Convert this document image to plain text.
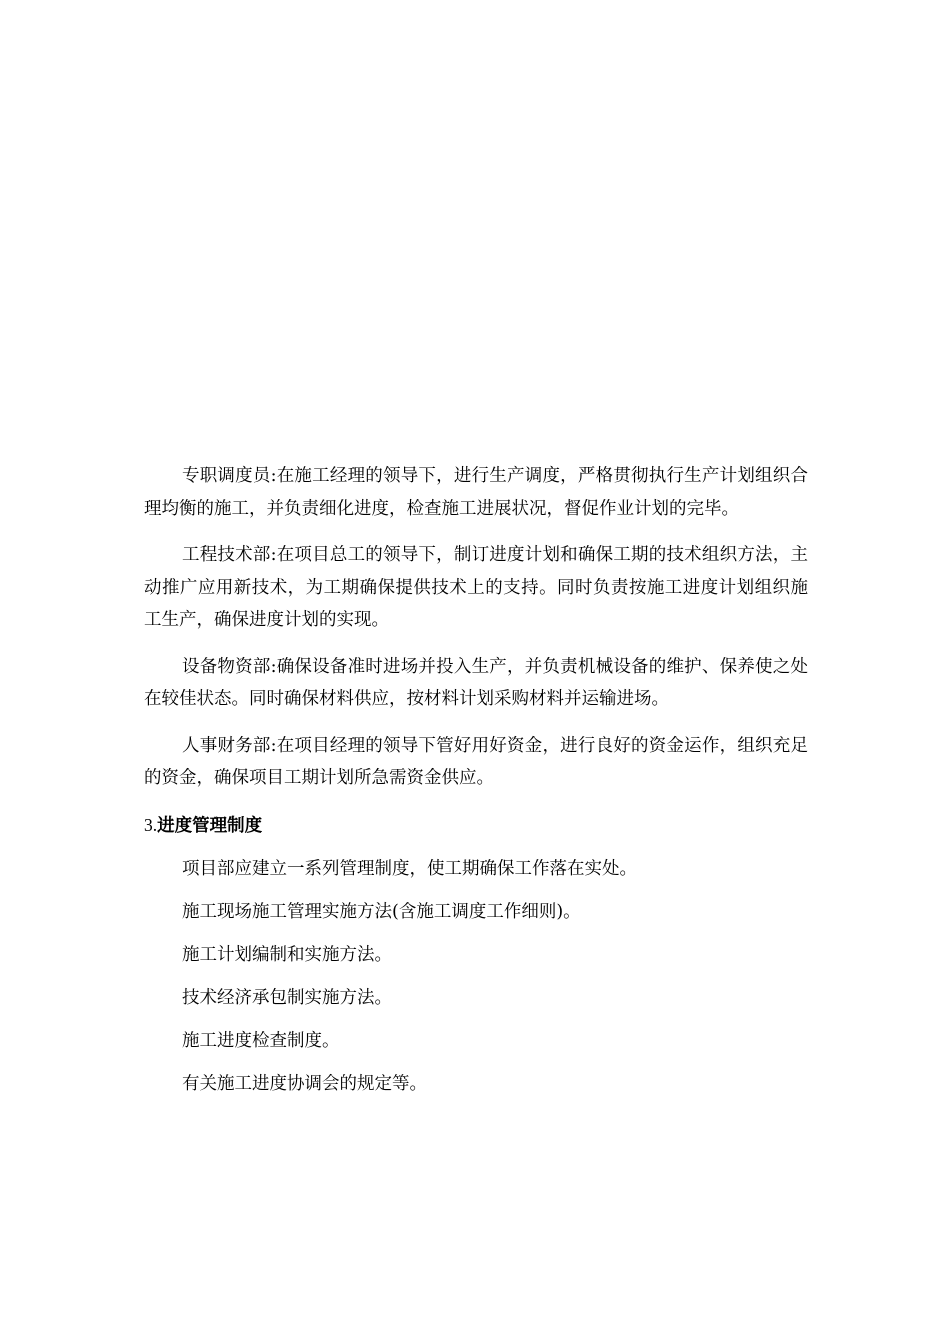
专职调度员:在施工经理的领导下，进行生产调度，严格贯彻执行生产计划组织合理均衡的施工，并负责细化进度，检查施工进展状况，督促作业计划的完毕。

工程技术部:在项目总工的领导下，制订进度计划和确保工期的技术组织方法，主动推广应用新技术，为工期确保提供技术上的支持。同时负责按施工进度计划组织施工生产，确保进度计划的实现。

设备物资部:确保设备准时进场并投入生产，并负责机械设备的维护、保养使之处在较佳状态。同时确保材料供应，按材料计划采购材料并运输进场。

人事财务部:在项目经理的领导下管好用好资金，进行良好的资金运作，组织充足的资金，确保项目工期计划所急需资金供应。

3.进度管理制度

项目部应建立一系列管理制度，使工期确保工作落在实处。

施工现场施工管理实施方法(含施工调度工作细则)。

施工计划编制和实施方法。

技术经济承包制实施方法。

施工进度检查制度。

有关施工进度协调会的规定等。
